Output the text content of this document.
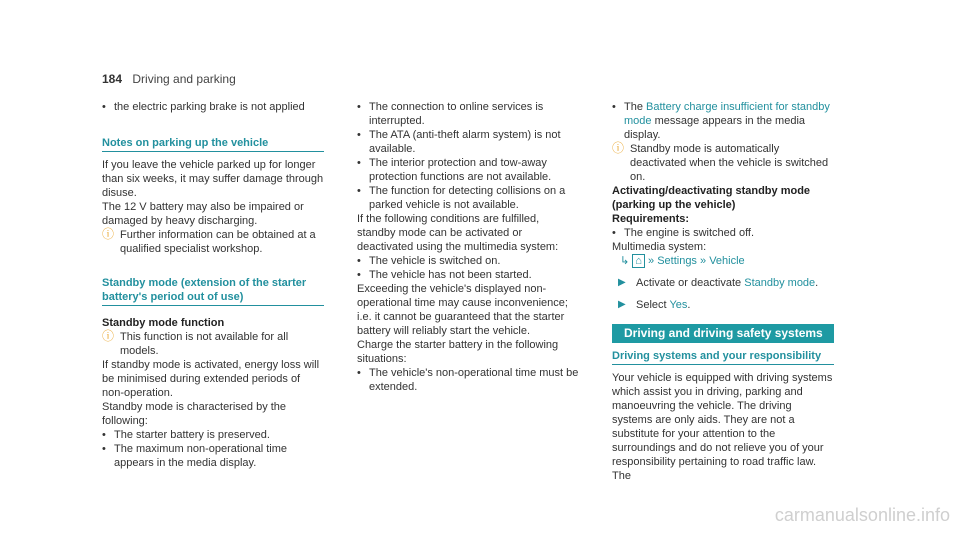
184 Driving and parking

• the electric parking brake is not applied

Notes on parking up the vehicle

If you leave the vehicle parked up for longer than six weeks, it may suffer damage through disuse.

The 12 V battery may also be impaired or damaged by heavy discharging.

ⓘ Further information can be obtained at a qualified specialist workshop.

Standby mode (extension of the starter battery's period out of use)

Standby mode function

ⓘ This function is not available for all models.

If standby mode is activated, energy loss will be minimised during extended periods of non-operation.

Standby mode is characterised by the following:

• The starter battery is preserved.

• The maximum non-operational time appears in the media display.

• The connection to online services is interrupted.

• The ATA (anti-theft alarm system) is not available.

• The interior protection and tow-away protection functions are not available.

• The function for detecting collisions on a parked vehicle is not available.

If the following conditions are fulfilled, standby mode can be activated or deactivated using the multimedia system:

• The vehicle is switched on.

• The vehicle has not been started.

Exceeding the vehicle's displayed non-operational time may cause inconvenience; i.e. it cannot be guaranteed that the starter battery will reliably start the vehicle.

Charge the starter battery in the following situations:

• The vehicle's non-operational time must be extended.

• The Battery charge insufficient for standby mode message appears in the media display.

ⓘ Standby mode is automatically deactivated when the vehicle is switched on.

Activating/deactivating standby mode (parking up the vehicle)

Requirements:

• The engine is switched off.

Multimedia system:

↳ ⌂ » Settings » Vehicle

▶ Activate or deactivate Standby mode.

▶ Select Yes.

Driving and driving safety systems

Driving systems and your responsibility

Your vehicle is equipped with driving systems which assist you in driving, parking and manoeuvring the vehicle. The driving systems are only aids. They are not a substitute for your attention to the surroundings and do not relieve you of your responsibility pertaining to road traffic law. The

carmanualsonline.info
